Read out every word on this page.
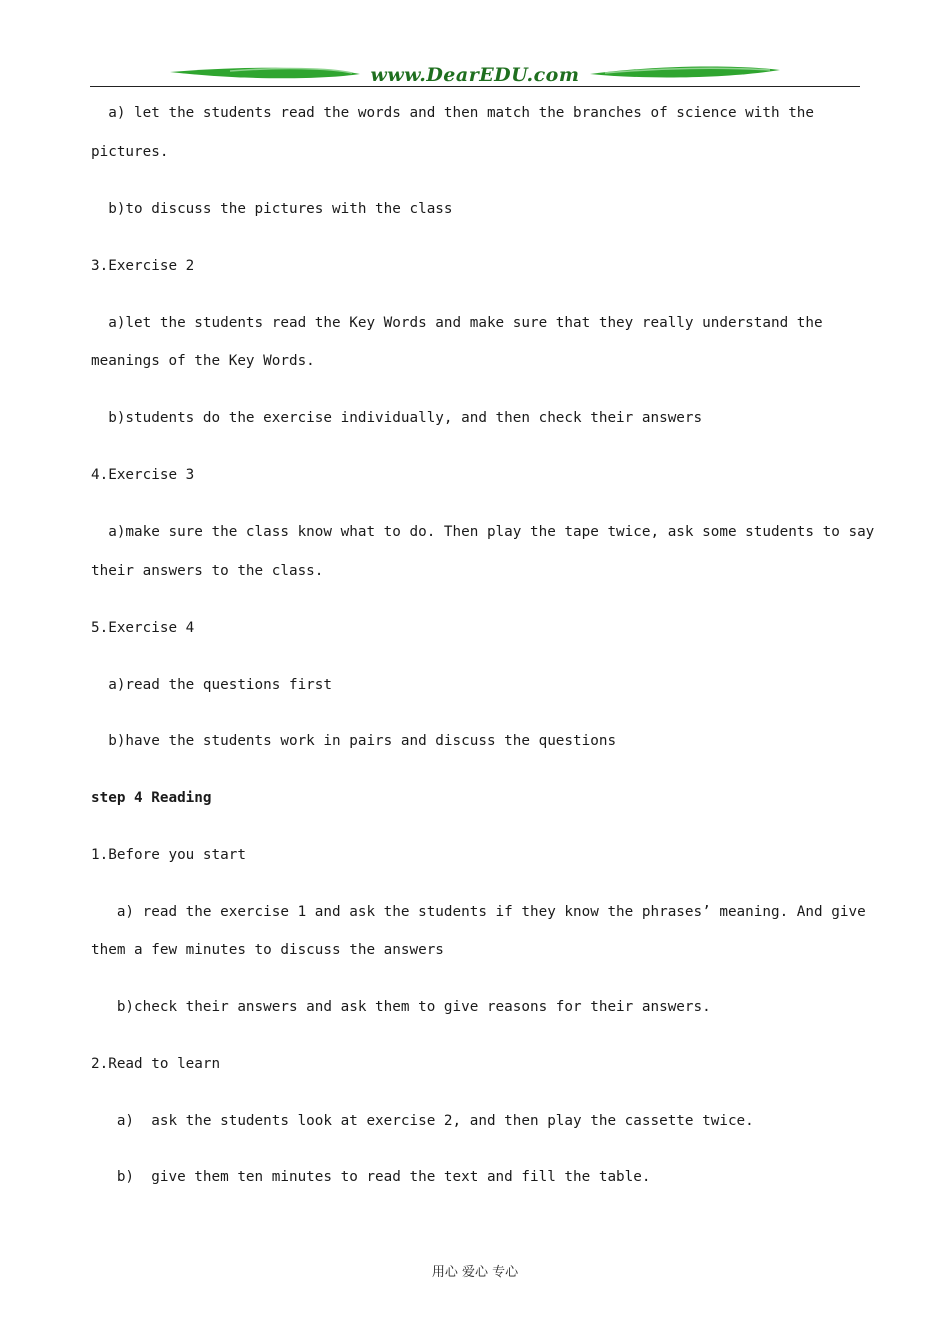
www.DearEDU.com
a) let the students read the words and then match the branches of science with the
pictures.
b)to discuss the pictures with the class
3.Exercise 2
a)let the students read the Key Words and make sure that they really understand the
meanings of the Key Words.
b)students do the exercise individually, and then check their answers
4.Exercise 3
a)make sure the class know what to do. Then play the tape twice, ask some students to say
their answers to the class.
5.Exercise 4
a)read the questions first
b)have the students work in pairs and discuss the questions
step 4 Reading
1.Before you start
a) read the exercise 1 and ask the students if they know the phrases’ meaning. And give
them a few minutes to discuss the answers
b)check their answers and ask them to give reasons for their answers.
2.Read to learn
a)  ask the students look at exercise 2, and then play the cassette twice.
b)  give them ten minutes to read the text and fill the table.
用心 爱心 专心
